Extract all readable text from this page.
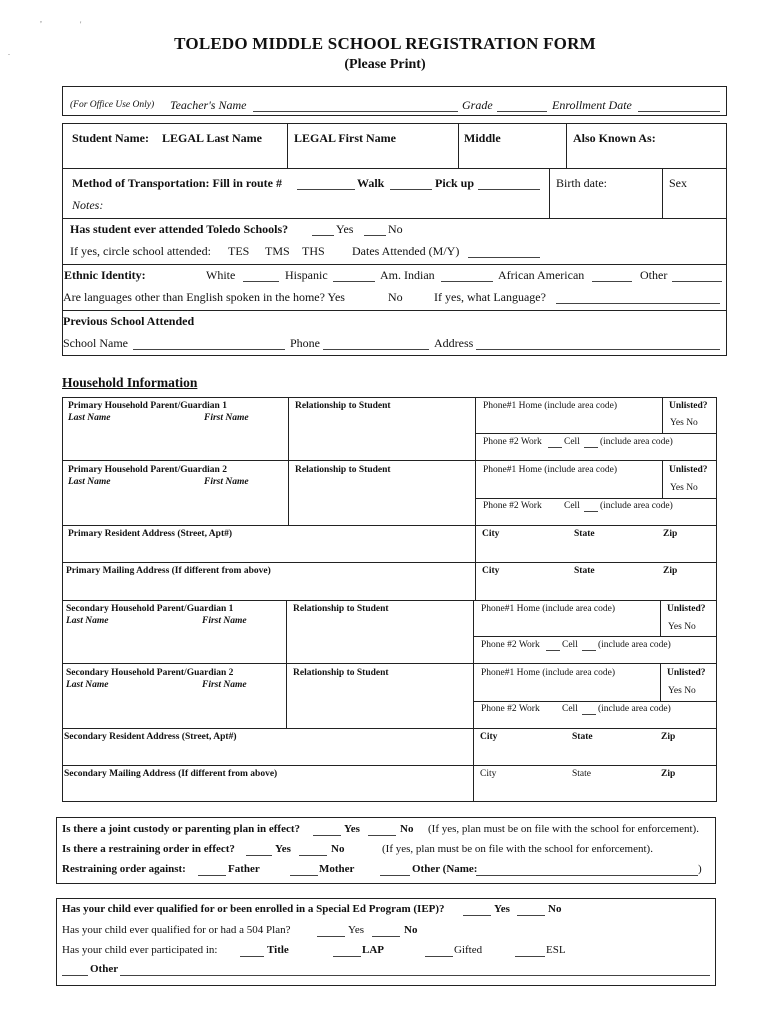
,
.
'
TOLEDO MIDDLE SCHOOL REGISTRATION FORM
(Please Print)
(For Office Use Only) Teacher's Name	Grade	Enrollment Date
Student Name: LEGAL Last Name	LEGAL First Name	Middle	Also Known As:
Method of Transportation: Fill in route #	Walk	Pick up	Birth date:	Sex
Notes:
Has student ever attended Toledo Schools?	Yes	No
If yes, circle school attended: TES TMS THS Dates Attended (M/Y)
Ethnic Identity:	White	Hispanic	Am. Indian	African American	Other
Are languages other than English spoken in the home? Yes	No	If yes, what Language?
Previous School Attended
School Name	Phone	Address
Household Information
Primary Household Parent/Guardian 1
Last Name	First Name
Relationship to Student	Phone#1 Home (include area code)	Unlisted?
Yes No
Phone #2 Work Cell (include area code)
Primary Household Parent/Guardian 2
Last Name	First Name
Relationship to Student	Phone#1 Home (include area code)	Unlisted?
Yes No
Phone #2 Work Cell (include area code)
Primary Resident Address (Street, Apt#)	City	State	Zip
Primary Mailing Address (If different from above)	City	State	Zip
Secondary Household Parent/Guardian 1
Last Name	First Name
Relationship to Student	Phone#1 Home (include area code)	Unlisted?
Yes No
Phone #2 Work Cell (include area code)
Secondary Household Parent/Guardian 2
Last Name	First Name
Relationship to Student	Phone#1 Home (include area code)	Unlisted?
Yes No
Phone #2 Work Cell (include area code)
Secondary Resident Address (Street, Apt#)	City	State	Zip
Secondary Mailing Address (If different from above)	City	State	Zip
Is there a joint custody or parenting plan in effect?	Yes	No (If yes, plan must be on file with the school for enforcement).
Is there a restraining order in effect?	Yes	No	(If yes, plan must be on file with the school for enforcement).
Restraining order against:	Father	Mother	Other (Name:	)
Has your child ever qualified for or been enrolled in a Special Ed Program (IEP)?	Yes	No
Has your child ever qualified for or had a 504 Plan?	Yes	No
Has your child ever participated in:	Title	LAP	Gifted	ESL
Other
